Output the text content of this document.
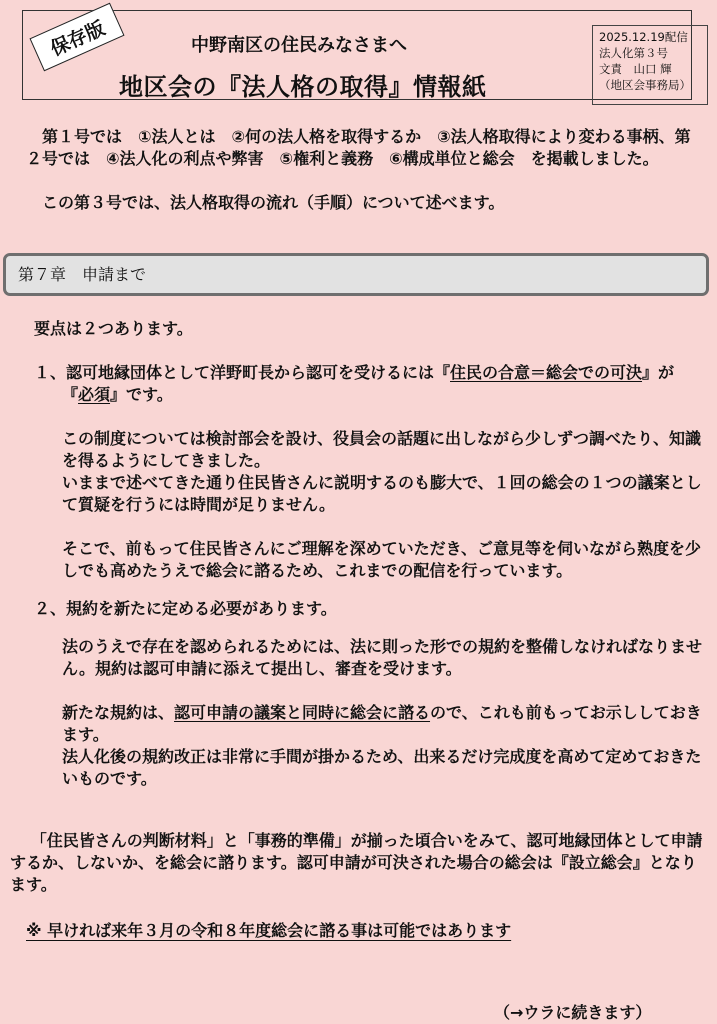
保存版	中野南区の住民みなさまへ
地区会の『法人格の取得』情報紙
2025.12.19配信
法人化第３号
文責　山口 輝
（地区会事務局）

　第１号では　①法人とは　②何の法人格を取得するか　③法人格取得により変わる事柄、第２号では　④法人化の利点や弊害　⑤権利と義務　⑥構成単位と総会　を掲載しました。

この第３号では、法人格取得の流れ（手順）について述べます。

第７章　申請まで

要点は２つあります。

１、認可地縁団体として洋野町長から認可を受けるには『住民の合意＝総会での可決』が『必須』です。

この制度については検討部会を設け、役員会の話題に出しながら少しずつ調べたり、知識を得るようにしてきました。

いままで述べてきた通り住民皆さんに説明するのも膨大で、１回の総会の１つの議案として質疑を行うには時間が足りません。

そこで、前もって住民皆さんにご理解を深めていただき、ご意見等を伺いながら熟度を少しでも高めたうえで総会に諮るため、これまでの配信を行っています。

２、規約を新たに定める必要があります。

法のうえで存在を認められるためには、法に則った形での規約を整備しなければなりません。規約は認可申請に添えて提出し、審査を受けます。

新たな規約は、認可申請の議案と同時に総会に諮るので、これも前もってお示ししておきます。

法人化後の規約改正は非常に手間が掛かるため、出来るだけ完成度を高めて定めておきたいものです。

「住民皆さんの判断材料」と「事務的準備」が揃った頃合いをみて、認可地縁団体として申請するか、しないか、を総会に諮ります。認可申請が可決された場合の総会は『設立総会』となります。

※ 早ければ来年３月の令和８年度総会に諮る事は可能ではあります
（→ウラに続きます）
